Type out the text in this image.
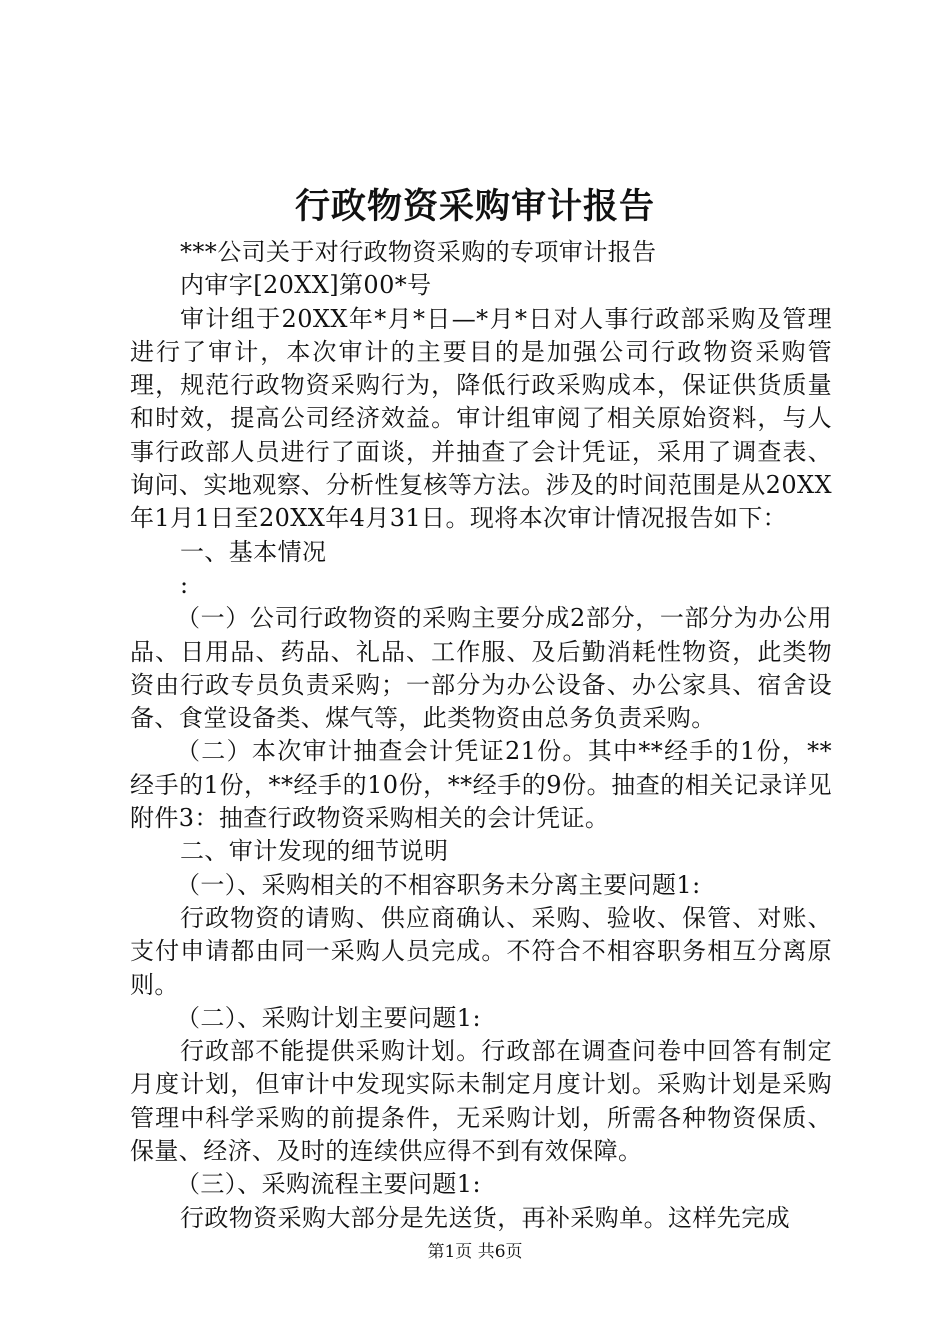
行政物资采购审计报告

***公司关于对行政物资采购的专项审计报告

内审字[20XX]第00*号

审计组于20XX年*月*日—*月*日对人事行政部采购及管理进行了审计，本次审计的主要目的是加强公司行政物资采购管理，规范行政物资采购行为，降低行政采购成本，保证供货质量和时效，提高公司经济效益。审计组审阅了相关原始资料，与人事行政部人员进行了面谈，并抽查了会计凭证，采用了调查表、询问、实地观察、分析性复核等方法。涉及的时间范围是从20XX年1月1日至20XX年4月31日。现将本次审计情况报告如下：

一、基本情况

:

（一）公司行政物资的采购主要分成2部分，一部分为办公用品、日用品、药品、礼品、工作服、及后勤消耗性物资，此类物资由行政专员负责采购；一部分为办公设备、办公家具、宿舍设备、食堂设备类、煤气等，此类物资由总务负责采购。

（二）本次审计抽查会计凭证21份。其中**经手的1份，**经手的1份，**经手的10份，**经手的9份。抽查的相关记录详见附件3：抽查行政物资采购相关的会计凭证。

二、审计发现的细节说明

（一）、采购相关的不相容职务未分离主要问题1:

行政物资的请购、供应商确认、采购、验收、保管、对账、支付申请都由同一采购人员完成。不符合不相容职务相互分离原则。

（二）、采购计划主要问题1:

行政部不能提供采购计划。行政部在调查问卷中回答有制定月度计划，但审计中发现实际未制定月度计划。采购计划是采购管理中科学采购的前提条件，无采购计划，所需各种物资保质、保量、经济、及时的连续供应得不到有效保障。

（三）、采购流程主要问题1:

行政物资采购大部分是先送货，再补采购单。这样先完成

第1页 共6页
